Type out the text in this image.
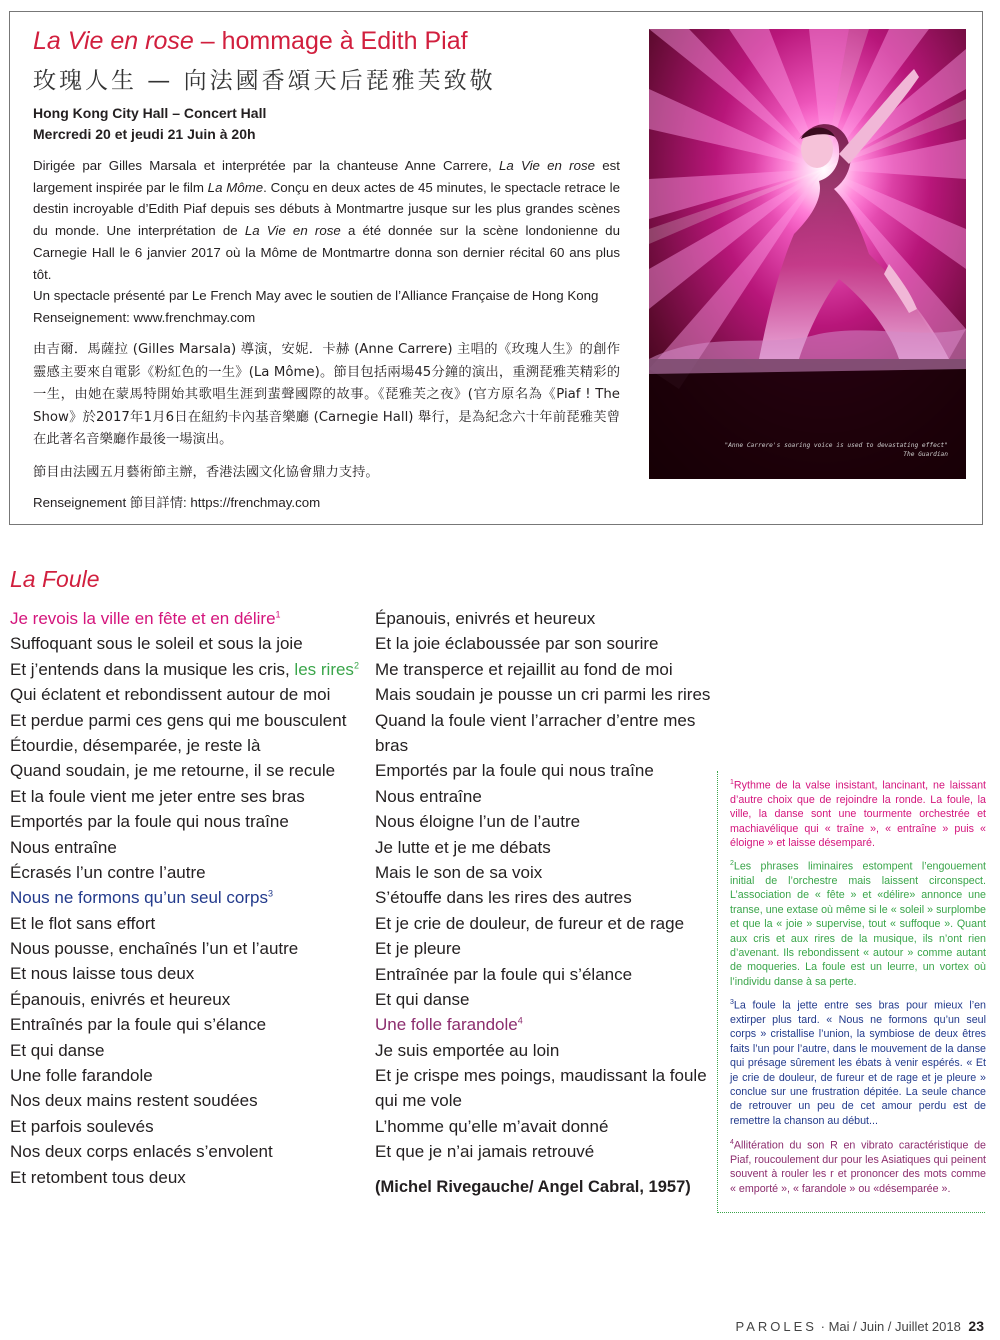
La Vie en rose – hommage à Edith Piaf
玫瑰人生 — 向法國香頌天后琵雅芙致敬
Hong Kong City Hall – Concert Hall
Mercredi 20 et jeudi 21 Juin à 20h

Dirigée par Gilles Marsala et interprétée par la chanteuse Anne Carrere, La Vie en rose est largement inspirée par le film La Môme. Conçu en deux actes de 45 minutes, le spectacle retrace le destin incroyable d’Edith Piaf depuis ses débuts à Montmartre jusque sur les plus grandes scènes du monde. Une interprétation de La Vie en rose a été donnée sur la scène londonienne du Carnegie Hall le 6 janvier 2017 où la Môme de Montmartre donna son dernier récital 60 ans plus tôt.

Un spectacle présenté par Le French May avec le soutien de l’Alliance Française de Hong Kong

Renseignement: www.frenchmay.com

由吉爾．馬薩拉 (Gilles Marsala) 導演，安妮．卡赫 (Anne Carrere) 主唱的《玫瑰人生》的創作靈感主要來自電影《粉紅色的一生》(La Môme)。節目包括兩場45分鐘的演出，重溯琵雅芙精彩的一生，由她在蒙馬特開始其歌唱生涯到蜚聲國際的故事。《琵雅芙之夜》(官方原名為《Piaf ! The Show》於2017年1月6日在紐約卡內基音樂廳 (Carnegie Hall) 舉行，是為紀念六十年前琵雅芙曾在此著名音樂廳作最後一場演出。
節目由法國五月藝術節主辦，香港法國文化協會鼎力支持。
Renseignement 節目詳情: https://frenchmay.com
"Anne Carrere's soaring voice is used to devastating effect"
The Guardian
La Foule
Je revois la ville en fête et en délire$^1$
Suffoquant sous le soleil et sous la joie
Et j’entends dans la musique les cris, les rires$^2$
Qui éclatent et rebondissent autour de moi
Et perdue parmi ces gens qui me bousculent
Étourdie, désemparée, je reste là
Quand soudain, je me retourne, il se recule
Et la foule vient me jeter entre ses bras
Emportés par la foule qui nous traîne
Nous entraîne
Écrasés l’un contre l’autre
Nous ne formons qu’un seul corps$^3$
Et le flot sans effort
Nous pousse, enchaînés l’un et l’autre
Et nous laisse tous deux
Épanouis, enivrés et heureux
Entraînés par la foule qui s’élance
Et qui danse
Une folle farandole
Nos deux mains restent soudées
Et parfois soulevés
Nos deux corps enlacés s’envolent
Et retombent tous deux
Épanouis, enivrés et heureux
Et la joie éclaboussée par son sourire
Me transperce et rejaillit au fond de moi
Mais soudain je pousse un cri parmi les rires
Quand la foule vient l’arracher d’entre mes bras
Emportés par la foule qui nous traîne
Nous entraîne
Nous éloigne l’un de l’autre
Je lutte et je me débats
Mais le son de sa voix
S’étouffe dans les rires des autres
Et je crie de douleur, de fureur et de rage
Et je pleure
Entraînée par la foule qui s’élance
Et qui danse
Une folle farandole$^4$
Je suis emportée au loin
Et je crispe mes poings, maudissant la foule qui me vole
L’homme qu’elle m’avait donné
Et que je n’ai jamais retrouvé
(Michel Rivegauche/ Angel Cabral, 1957)
$^1$Rythme de la valse insistant, lancinant, ne laissant d’autre choix que de rejoindre la ronde. La foule, la ville, la danse sont une tourmente orchestrée et machiavélique qui « traîne », « entraîne » puis « éloigne » et laisse désemparé.
$^2$Les phrases liminaires estompent l’engouement initial de l’orchestre mais laissent circonspect. L’association de « fête » et «délire» annonce une transe, une extase où même si le « soleil » surplombe et que la « joie » supervise, tout « suffoque ». Quant aux cris et aux rires de la musique, ils n’ont rien d’avenant. Ils rebondissent « autour » comme autant de moqueries. La foule est un leurre, un vortex où l’individu danse à sa perte.
$^3$La foule la jette entre ses bras pour mieux l’en extirper plus tard. « Nous ne formons qu’un seul corps » cristallise l’union, la symbiose de deux êtres faits l’un pour l’autre, dans le mouvement de la danse qui présage sûrement les ébats à venir espérés. « Et je crie de douleur, de fureur et de rage et je pleure » conclue sur une frustration dépitée. La seule chance de retrouver un peu de cet amour perdu est de remettre la chanson au début...
$^4$Allitération du son R en vibrato caractéristique de Piaf, roucoulement dur pour les Asiatiques qui peinent souvent à rouler les r et prononcer des mots comme « emporté », « farandole » ou «désemparée ».
PAROLES · Mai / Juin / Juillet 2018 23
